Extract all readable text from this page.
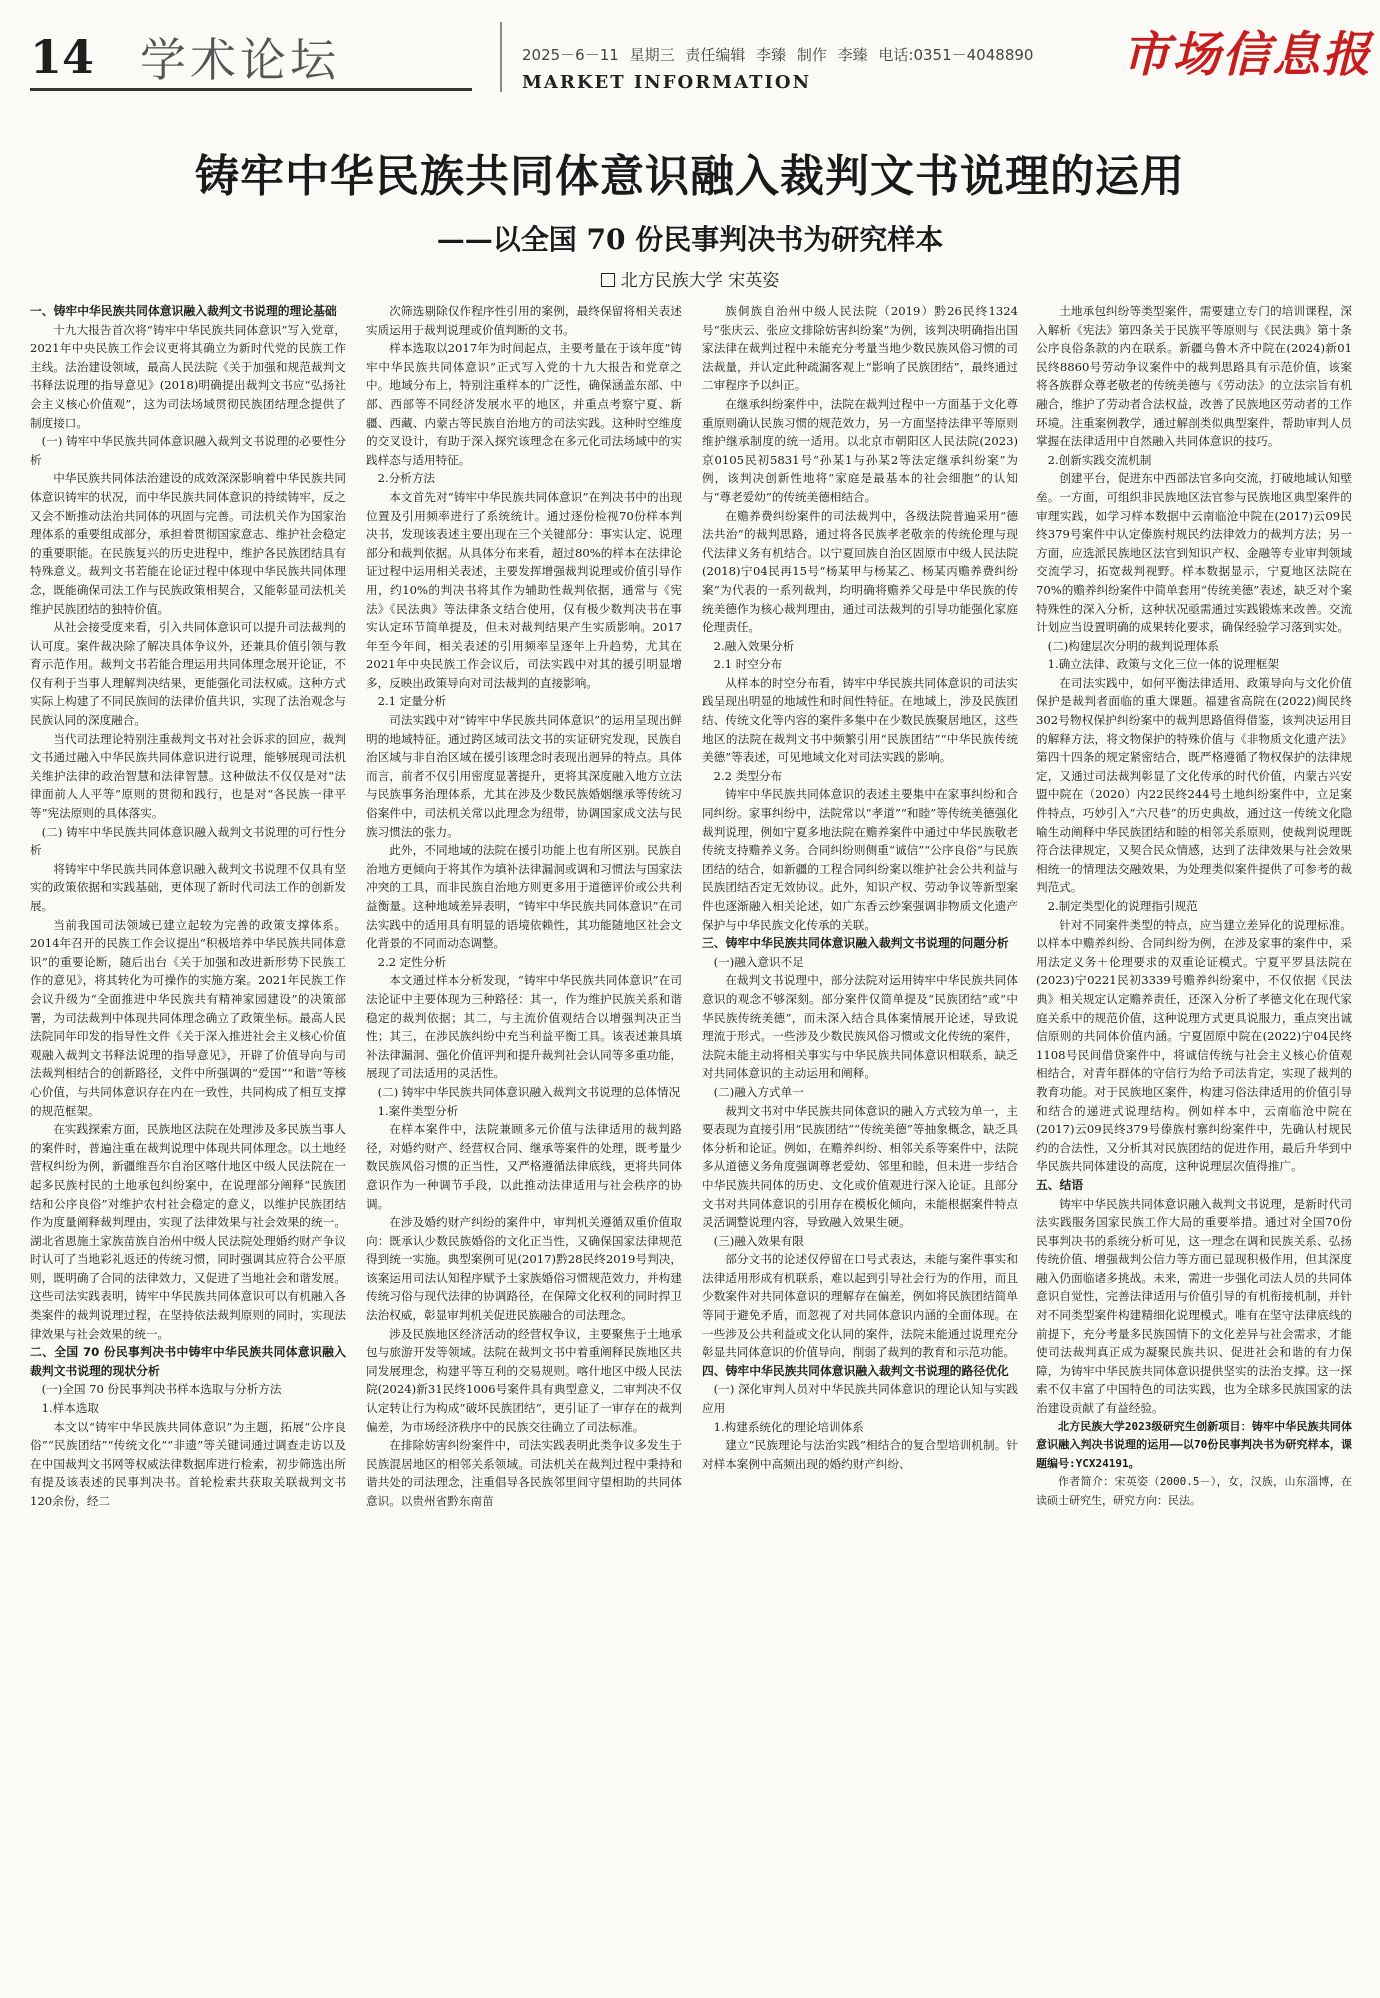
14 学术论坛	2025－6－11 星期三 责任编辑 李臻 制作 李臻 电话:0351－4048890
MARKET INFORMATION	市场信息报
铸牢中华民族共同体意识融入裁判文书说理的运用
——以全国 70 份民事判决书为研究样本
北方民族大学 宋英姿

一、铸牢中华民族共同体意识融入裁判文书说理的理论基础

十九大报告首次将“铸牢中华民族共同体意识”写入党章，2021年中央民族工作会议更将其确立为新时代党的民族工作主线。法治建设领域，最高人民法院《关于加强和规范裁判文书释法说理的指导意见》(2018)明确提出裁判文书应“弘扬社会主义核心价值观”，这为司法场域贯彻民族团结理念提供了制度接口。

(一) 铸牢中华民族共同体意识融入裁判文书说理的必要性分析

中华民族共同体法治建设的成效深深影响着中华民族共同体意识铸牢的状况，而中华民族共同体意识的持续铸牢，反之又会不断推动法治共同体的巩固与完善。司法机关作为国家治理体系的重要组成部分，承担着贯彻国家意志、维护社会稳定的重要职能。在民族复兴的历史进程中，维护各民族团结具有特殊意义。裁判文书若能在论证过程中体现中华民族共同体理念，既能确保司法工作与民族政策相契合，又能彰显司法机关维护民族团结的独特价值。

从社会接受度来看，引入共同体意识可以提升司法裁判的认可度。案件裁决除了解决具体争议外，还兼具价值引领与教育示范作用。裁判文书若能合理运用共同体理念展开论证，不仅有利于当事人理解判决结果，更能强化司法权威。这种方式实际上构建了不同民族间的法律价值共识，实现了法治观念与民族认同的深度融合。

当代司法理论特别注重裁判文书对社会诉求的回应，裁判文书通过融入中华民族共同体意识进行说理，能够展现司法机关维护法律的政治智慧和法律智慧。这种做法不仅仅是对“法律面前人人平等”原则的贯彻和践行，也是对“各民族一律平等”宪法原则的具体落实。

(二) 铸牢中华民族共同体意识融入裁判文书说理的可行性分析

将铸牢中华民族共同体意识融入裁判文书说理不仅具有坚实的政策依据和实践基础，更体现了新时代司法工作的创新发展。

当前我国司法领域已建立起较为完善的政策支撑体系。2014年召开的民族工作会议提出“积极培养中华民族共同体意识”的重要论断，随后出台《关于加强和改进新形势下民族工作的意见》，将其转化为可操作的实施方案。2021年民族工作会议升级为“全面推进中华民族共有精神家园建设”的决策部署，为司法裁判中体现共同体理念确立了政策坐标。最高人民法院同年印发的指导性文件《关于深入推进社会主义核心价值观融入裁判文书释法说理的指导意见》，开辟了价值导向与司法裁判相结合的创新路径，文件中所强调的“爱国”“和谐”等核心价值，与共同体意识存在内在一致性，共同构成了相互支撑的规范框架。

在实践探索方面，民族地区法院在处理涉及多民族当事人的案件时，普遍注重在裁判说理中体现共同体理念。以土地经营权纠纷为例，新疆维吾尔自治区喀什地区中级人民法院在一起多民族村民的土地承包纠纷案中，在说理部分阐释“民族团结和公序良俗”对维护农村社会稳定的意义，以维护民族团结作为度量阐释裁判理由，实现了法律效果与社会效果的统一。湖北省恩施土家族苗族自治州中级人民法院处理婚约财产争议时认可了当地彩礼返还的传统习惯，同时强调其应符合公平原则，既明确了合同的法律效力，又促进了当地社会和谐发展。这些司法实践表明，铸牢中华民族共同体意识可以有机融入各类案件的裁判说理过程，在坚持依法裁判原则的同时，实现法律效果与社会效果的统一。

二、全国 70 份民事判决书中铸牢中华民族共同体意识融入裁判文书说理的现状分析

(一)全国 70 份民事判决书样本选取与分析方法

1.样本选取

本文以“铸牢中华民族共同体意识”为主题，拓展“公序良俗”“民族团结”“传统文化”“非遗”等关键词通过调查走访以及在中国裁判文书网等权威法律数据库进行检索，初步筛选出所有提及该表述的民事判决书。首轮检索共获取关联裁判文书120余份，经二

次筛选剔除仅作程序性引用的案例，最终保留将相关表述实质运用于裁判说理或价值判断的文书。

样本选取以2017年为时间起点，主要考量在于该年度“铸牢中华民族共同体意识”正式写入党的十九大报告和党章之中。地域分布上，特别注重样本的广泛性，确保涵盖东部、中部、西部等不同经济发展水平的地区，并重点考察宁夏、新疆、西藏、内蒙古等民族自治地方的司法实践。这种时空维度的交叉设计，有助于深入探究该理念在多元化司法场域中的实践样态与适用特征。

2.分析方法

本文首先对“铸牢中华民族共同体意识”在判决书中的出现位置及引用频率进行了系统统计。通过逐份检视70份样本判决书，发现该表述主要出现在三个关键部分：事实认定、说理部分和裁判依据。从具体分布来看，超过80%的样本在法律论证过程中运用相关表述，主要发挥增强裁判说理或价值引导作用，约10%的判决书将其作为辅助性裁判依据，通常与《宪法》《民法典》等法律条文结合使用，仅有极少数判决书在事实认定环节简单提及，但未对裁判结果产生实质影响。2017年至今年间，相关表述的引用频率呈逐年上升趋势，尤其在2021年中央民族工作会议后，司法实践中对其的援引明显增多，反映出政策导向对司法裁判的直接影响。

2.1 定量分析

司法实践中对“铸牢中华民族共同体意识”的运用呈现出鲜明的地域特征。通过跨区域司法文书的实证研究发现，民族自治区域与非自治区域在援引该理念时表现出迥异的特点。具体而言，前者不仅引用密度显著提升，更将其深度融入地方立法与民族事务治理体系，尤其在涉及少数民族婚姻继承等传统习俗案件中，司法机关常以此理念为纽带，协调国家成文法与民族习惯法的张力。

此外，不同地域的法院在援引功能上也有所区别。民族自治地方更倾向于将其作为填补法律漏洞或调和习惯法与国家法冲突的工具，而非民族自治地方则更多用于道德评价或公共利益衡量。这种地域差异表明，“铸牢中华民族共同体意识”在司法实践中的适用具有明显的语境依赖性，其功能随地区社会文化背景的不同而动态调整。

2.2 定性分析

本文通过样本分析发现，“铸牢中华民族共同体意识”在司法论证中主要体现为三种路径：其一，作为维护民族关系和谐稳定的裁判依据；其二，与主流价值观结合以增强判决正当性；其三，在涉民族纠纷中充当利益平衡工具。该表述兼具填补法律漏洞、强化价值评判和提升裁判社会认同等多重功能，展现了司法适用的灵活性。

(二) 铸牢中华民族共同体意识融入裁判文书说理的总体情况

1.案件类型分析

在样本案件中，法院兼顾多元价值与法律适用的裁判路径，对婚约财产、经营权合同、继承等案件的处理，既考量少数民族风俗习惯的正当性，又严格遵循法律底线，更将共同体意识作为一种调节手段，以此推动法律适用与社会秩序的协调。

在涉及婚约财产纠纷的案件中，审判机关遵循双重价值取向：既承认少数民族婚俗的文化正当性，又确保国家法律规范得到统一实施。典型案例可见(2017)黔28民终2019号判决，该案运用司法认知程序赋予土家族婚俗习惯规范效力，并构建传统习俗与现代法律的协调路径，在保障文化权利的同时捍卫法治权威，彰显审判机关促进民族融合的司法理念。

涉及民族地区经济活动的经营权争议，主要聚焦于土地承包与旅游开发等领域。法院在裁判文书中着重阐释民族地区共同发展理念，构建平等互利的交易规则。喀什地区中级人民法院(2024)新31民终1006号案件具有典型意义，二审判决不仅认定转让行为构成“破坏民族团结”，更引证了一审存在的裁判偏差，为市场经济秩序中的民族交往确立了司法标准。

在排除妨害纠纷案件中，司法实践表明此类争议多发生于民族混居地区的相邻关系领域。司法机关在裁判过程中秉持和谐共处的司法理念，注重倡导各民族邻里间守望相助的共同体意识。以贵州省黔东南苗

族侗族自治州中级人民法院（2019）黔26民终1324号“张庆云、张应文排除妨害纠纷案”为例，该判决明确指出国家法律在裁判过程中未能充分考量当地少数民族风俗习惯的司法裁量，并认定此种疏漏客观上“影响了民族团结”，最终通过二审程序予以纠正。

在继承纠纷案件中，法院在裁判过程中一方面基于文化尊重原则确认民族习惯的规范效力，另一方面坚持法律平等原则维护继承制度的统一适用。以北京市朝阳区人民法院(2023)京0105民初5831号“孙某1与孙某2等法定继承纠纷案”为例，该判决创新性地将“家庭是最基本的社会细胞”的认知与“尊老爱幼”的传统美德相结合。

在赡养费纠纷案件的司法裁判中，各级法院普遍采用“德法共治”的裁判思路，通过将各民族孝老敬亲的传统伦理与现代法律义务有机结合。以宁夏回族自治区固原市中级人民法院(2018)宁04民再15号“杨某甲与杨某乙、杨某丙赡养费纠纷案”为代表的一系列裁判，均明确将赡养父母是中华民族的传统美德作为核心裁判理由，通过司法裁判的引导功能强化家庭伦理责任。

2.融入效果分析

2.1 时空分布

从样本的时空分布看，铸牢中华民族共同体意识的司法实践呈现出明显的地域性和时间性特征。在地域上，涉及民族团结、传统文化等内容的案件多集中在少数民族聚居地区，这些地区的法院在裁判文书中频繁引用“民族团结”“中华民族传统美德”等表述，可见地域文化对司法实践的影响。

2.2 类型分布

铸牢中华民族共同体意识的表述主要集中在家事纠纷和合同纠纷。家事纠纷中，法院常以“孝道”“和睦”等传统美德强化裁判说理，例如宁夏多地法院在赡养案件中通过中华民族敬老传统支持赡养义务。合同纠纷则侧重“诚信”“公序良俗”与民族团结的结合，如新疆的工程合同纠纷案以维护社会公共利益与民族团结否定无效协议。此外，知识产权、劳动争议等新型案件也逐渐融入相关论述，如广东香云纱案强调非物质文化遗产保护与中华民族文化传承的关联。

三、铸牢中华民族共同体意识融入裁判文书说理的问题分析

(一)融入意识不足

在裁判文书说理中，部分法院对运用铸牢中华民族共同体意识的观念不够深刻。部分案件仅简单提及“民族团结”或“中华民族传统美德”，而未深入结合具体案情展开论述，导致说理流于形式。一些涉及少数民族风俗习惯或文化传统的案件，法院未能主动将相关事实与中华民族共同体意识相联系，缺乏对共同体意识的主动运用和阐释。

(二)融入方式单一

裁判文书对中华民族共同体意识的融入方式较为单一，主要表现为直接引用“民族团结”“传统美德”等抽象概念，缺乏具体分析和论证。例如，在赡养纠纷、相邻关系等案件中，法院多从道德义务角度强调尊老爱幼、邻里和睦，但未进一步结合中华民族共同体的历史、文化或价值观进行深入论证。且部分文书对共同体意识的引用存在模板化倾向，未能根据案件特点灵活调整说理内容，导致融入效果生硬。

(三)融入效果有限

部分文书的论述仅停留在口号式表达，未能与案件事实和法律适用形成有机联系，难以起到引导社会行为的作用，而且少数案件对共同体意识的理解存在偏差，例如将民族团结简单等同于避免矛盾，而忽视了对共同体意识内涵的全面体现。在一些涉及公共利益或文化认同的案件，法院未能通过说理充分彰显共同体意识的价值导向，削弱了裁判的教育和示范功能。

四、铸牢中华民族共同体意识融入裁判文书说理的路径优化

(一) 深化审判人员对中华民族共同体意识的理论认知与实践应用

1.构建系统化的理论培训体系

建立“民族理论与法治实践”相结合的复合型培训机制。针对样本案例中高频出现的婚约财产纠纷、

土地承包纠纷等类型案件，需要建立专门的培训课程，深入解析《宪法》第四条关于民族平等原则与《民法典》第十条公序良俗条款的内在联系。新疆乌鲁木齐中院在(2024)新01民终8860号劳动争议案件中的裁判思路具有示范价值，该案将各族群众尊老敬老的传统美德与《劳动法》的立法宗旨有机融合，维护了劳动者合法权益，改善了民族地区劳动者的工作环境。注重案例教学，通过解剖类似典型案件，帮助审判人员掌握在法律适用中自然融入共同体意识的技巧。

2.创新实践交流机制

创建平台，促进东中西部法官多向交流，打破地域认知壁垒。一方面，可组织非民族地区法官参与民族地区典型案件的审理实践，如学习样本数据中云南临沧中院在(2017)云09民终379号案件中认定傣族村规民约法律效力的裁判方法；另一方面，应选派民族地区法官到知识产权、金融等专业审判领域交流学习，拓宽裁判视野。样本数据显示，宁夏地区法院在70%的赡养纠纷案件中简单套用“传统美德”表述，缺乏对个案特殊性的深入分析，这种状况亟需通过实践锻炼来改善。交流计划应当设置明确的成果转化要求，确保经验学习落到实处。

(二)构建层次分明的裁判说理体系

1.确立法律、政策与文化三位一体的说理框架

在司法实践中，如何平衡法律适用、政策导向与文化价值保护是裁判者面临的重大课题。福建省高院在(2022)闽民终302号物权保护纠纷案中的裁判思路值得借鉴，该判决运用目的解释方法，将文物保护的特殊价值与《非物质文化遗产法》第四十四条的规定紧密结合，既严格遵循了物权保护的法律规定，又通过司法裁判彰显了文化传承的时代价值，内蒙古兴安盟中院在（2020）内22民终244号土地纠纷案件中，立足案件特点，巧妙引入“六尺巷”的历史典故，通过这一传统文化隐喻生动阐释中华民族团结和睦的相邻关系原则，使裁判说理既符合法律规定，又契合民众情感，达到了法律效果与社会效果相统一的情理法交融效果，为处理类似案件提供了可参考的裁判范式。

2.制定类型化的说理指引规范

针对不同案件类型的特点，应当建立差异化的说理标准。以样本中赡养纠纷、合同纠纷为例，在涉及家事的案件中，采用法定义务＋伦理要求的双重论证模式。宁夏平罗县法院在(2023)宁0221民初3339号赡养纠纷案中，不仅依据《民法典》相关规定认定赡养责任，还深入分析了孝德文化在现代家庭关系中的规范价值，这种说理方式更具说服力，重点突出诚信原则的共同体价值内涵。宁夏固原中院在(2022)宁04民终1108号民间借贷案件中，将诚信传统与社会主义核心价值观相结合，对青年群体的守信行为给予司法肯定，实现了裁判的教育功能。对于民族地区案件，构建习俗法律适用的价值引导和结合的递进式说理结构。例如样本中，云南临沧中院在(2017)云09民终379号傣族村寨纠纷案件中，先确认村规民约的合法性，又分析其对民族团结的促进作用，最后升华到中华民族共同体建设的高度，这种说理层次值得推广。

五、结语

铸牢中华民族共同体意识融入裁判文书说理，是新时代司法实践服务国家民族工作大局的重要举措。通过对全国70份民事判决书的系统分析可见，这一理念在调和民族关系、弘扬传统价值、增强裁判公信力等方面已显现积极作用，但其深度融入仍面临诸多挑战。未来，需进一步强化司法人员的共同体意识自觉性，完善法律适用与价值引导的有机衔接机制，并针对不同类型案件构建精细化说理模式。唯有在坚守法律底线的前提下，充分考量多民族国情下的文化差异与社会需求，才能使司法裁判真正成为凝聚民族共识、促进社会和谐的有力保障，为铸牢中华民族共同体意识提供坚实的法治支撑。这一探索不仅丰富了中国特色的司法实践，也为全球多民族国家的法治建设贡献了有益经验。

北方民族大学2023级研究生创新项目：铸牢中华民族共同体意识融入判决书说理的运用——以70份民事判决书为研究样本，课题编号:YCX24191。

作者简介：宋英姿（2000.5－），女，汉族，山东淄博，在读硕士研究生，研究方向：民法。
